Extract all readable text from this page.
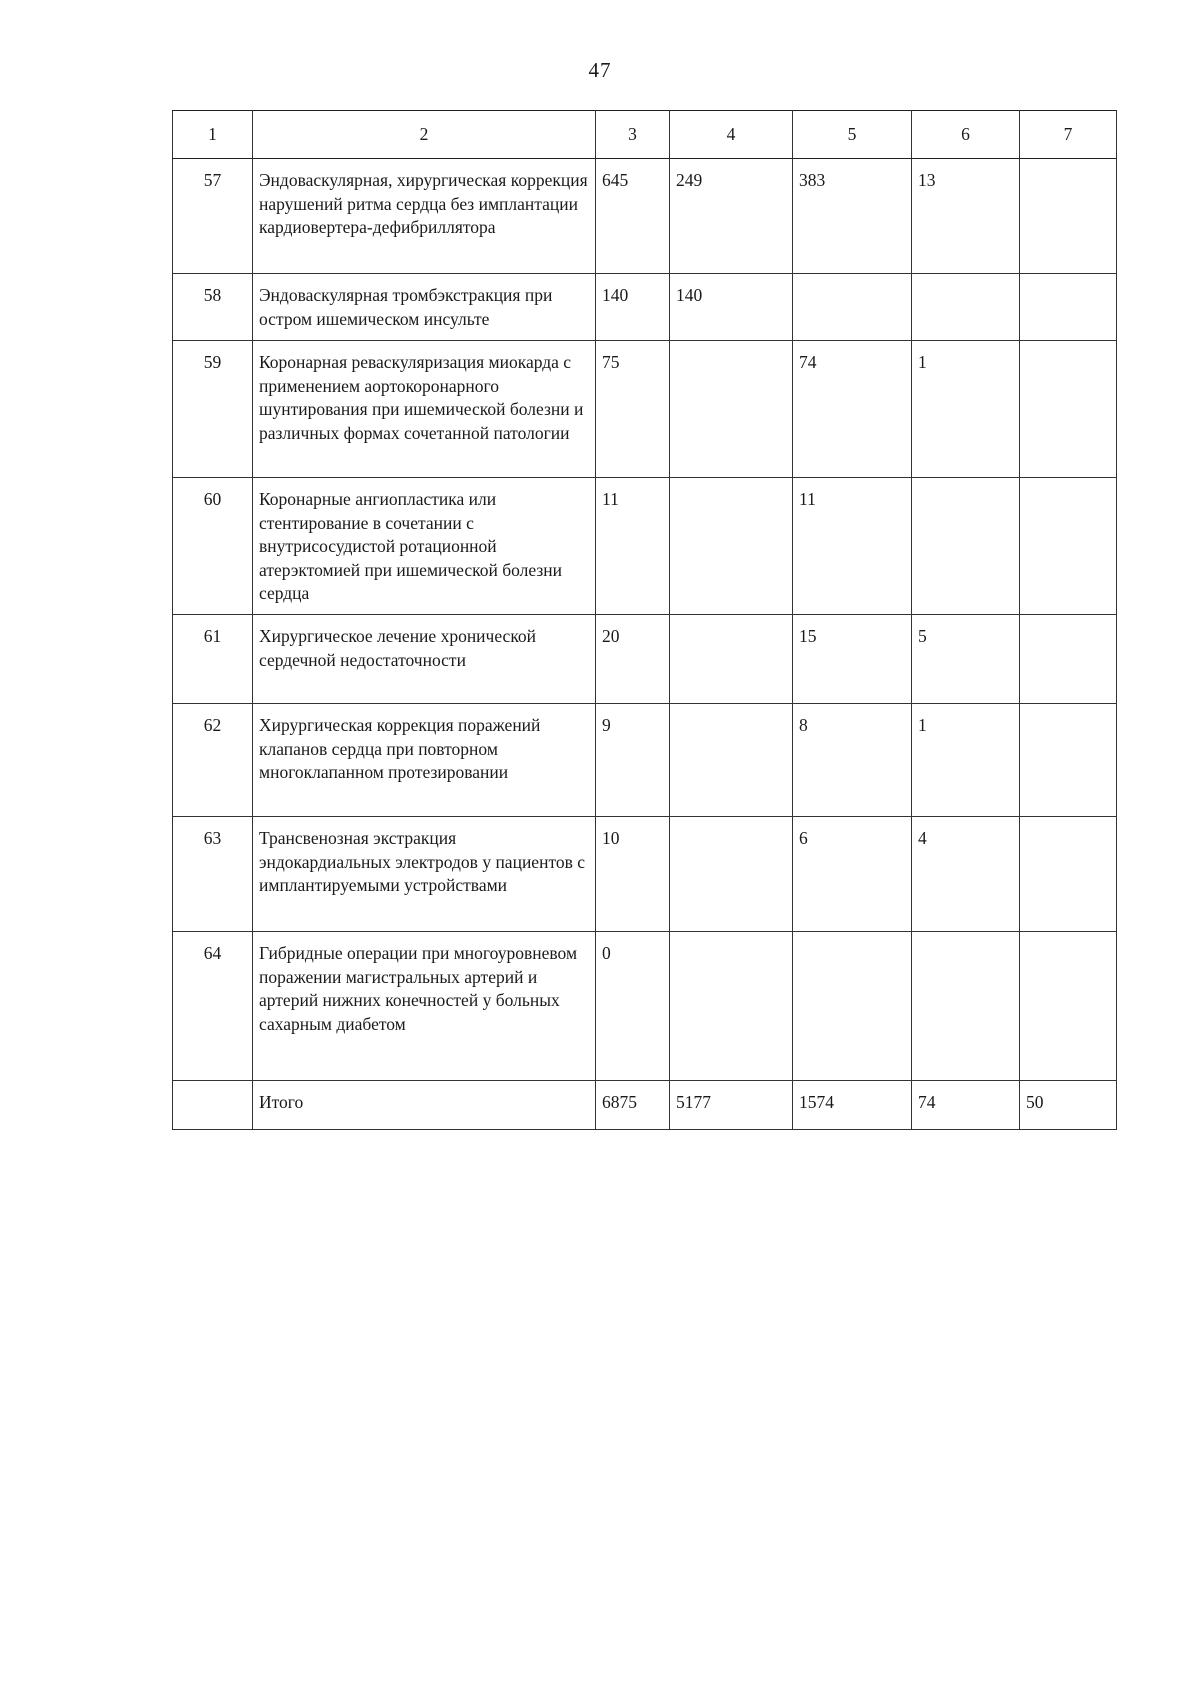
47
1	2	3	4	5	6	7
57	Эндоваскулярная, хирургическая коррекция нарушений ритма сердца без имплантации кардиовертера-дефибриллятора	645	249	383	13	
58	Эндоваскулярная тромбэкстракция при остром ишемическом инсульте	140	140			
59	Коронарная реваскуляризация миокарда с применением аортокоронарного шунтирования при ишемической болезни и различных формах сочетанной патологии	75		74	1	
60	Коронарные ангиопластика или стентирование в сочетании с внутрисосудистой ротационной атерэктомией при ишемической болезни сердца	11		11		
61	Хирургическое лечение хронической сердечной недостаточности	20		15	5	
62	Хирургическая коррекция поражений клапанов сердца при повторном многоклапанном протезировании	9		8	1	
63	Трансвенозная экстракция эндокардиальных электродов у пациентов с имплантируемыми устройствами	10		6	4	
64	Гибридные операции при многоуровневом поражении магистральных артерий и артерий нижних конечностей у больных сахарным диабетом	0				
	Итого	6875	5177	1574	74	50
